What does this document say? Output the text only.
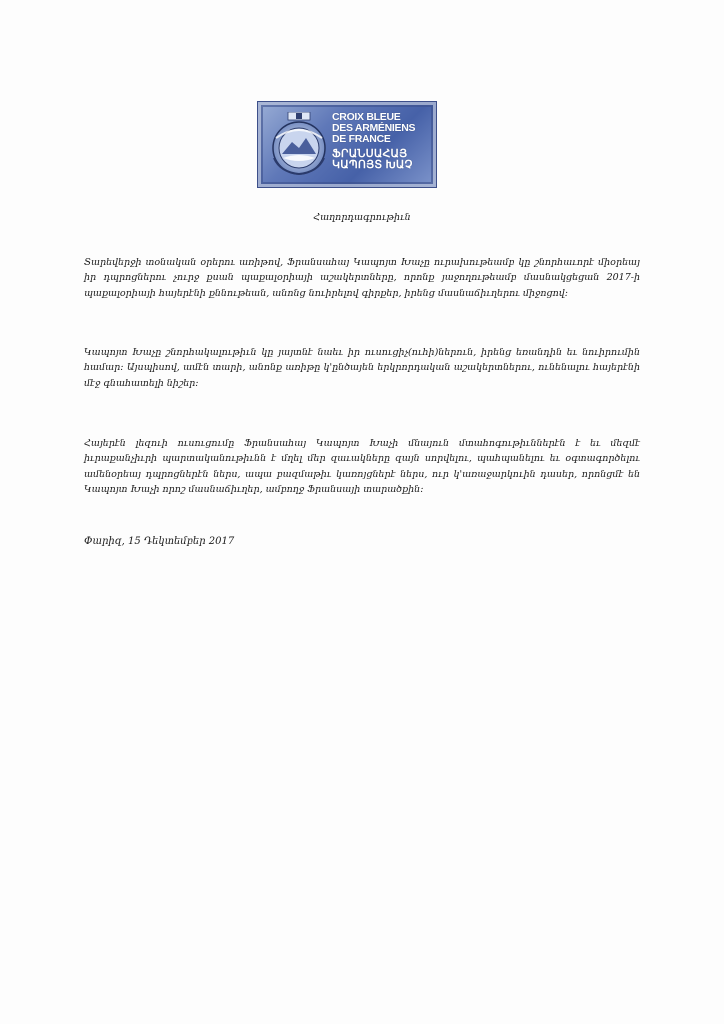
CROIX BLEUE
DES ARMÉNIENS
DE FRANCE
ՖՐԱՆՍԱՀԱՅ
ԿԱՊՈՅՏ ԽԱՉ
Հաղորդագրութիւն

Տարեվերջի տօնական օրերու առիթով, Ֆրանսահայ Կապոյտ Խաչը ուրախութեամբ կը շնորհաւորէ միօրեայ իր դպրոցներու չուրջ քսան պաքալօրիայի աշակերտները, որոնք յաջողութեամբ մասնակցեցան 2017-ի պաքալօրիայի հայերէնի քննութեան, անոնց նուիրելով գիրքեր, իրենց մասնաճիւղերու միջոցով:

Կապոյտ Խաչը շնորհակալութիւն կը յայտնէ նաեւ իր ուսուցիչ(ուհի)ներուն, իրենց եռանդին եւ նուիրումին համար: Այսպիսով, ամէն տարի, անոնք առիթը կ'ընծայեն երկրորդական աշակերտներու, ունենալու հայերէնի մէջ գնահատելի նիշեր:

Հայերէն լեզուի ուսուցումը Ֆրանսահայ Կապոյտ Խաչի մնայուն մտահոգութիւններէն է եւ մեզմէ իւրաքանչիւրի պարտականութիւնն է մղել մեր զաւակները զայն սորվելու, պահպանելու եւ օգտագործելու ամենօրեայ դպրոցներէն ներս, ապա բազմաթիւ կառոյցներէ ներս, ուր կ'առաջարկուին դասեր, որոնցմէ են Կապոյտ Խաչի որոշ մասնաճիւղեր, ամբողջ Ֆրանսայի տարածքին:

Փարիզ, 15 Դեկտեմբեր 2017
